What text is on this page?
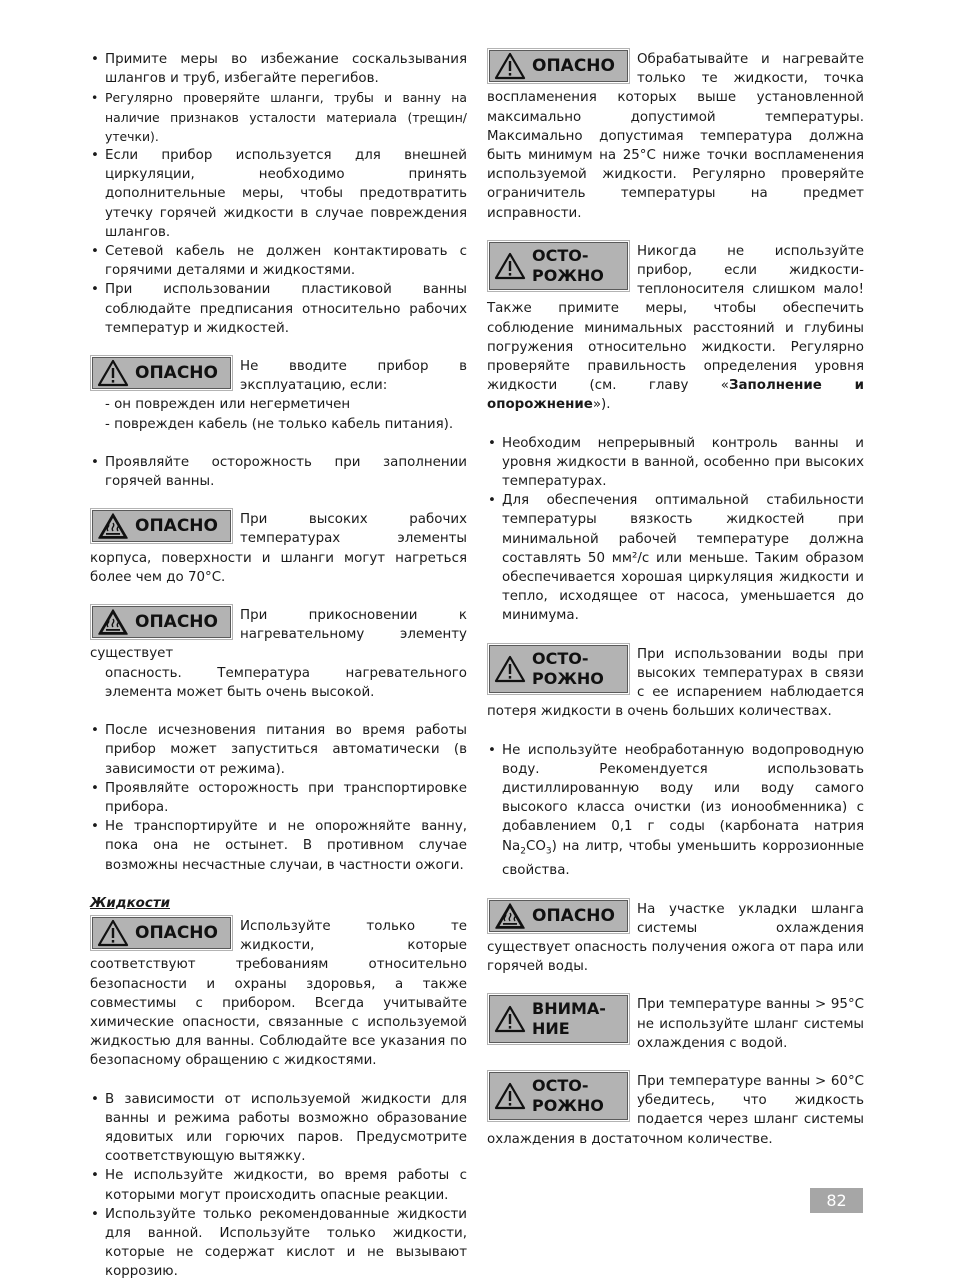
• Примите меры во избежание соскальзывания шлангов и труб, избегайте перегибов.
• Регулярно проверяйте шланги, трубы и ванну на наличие признаков усталости материала (трещин/утечки).
• Если прибор используется для внешней циркуляции, необходимо принять дополнительные меры, чтобы предотвратить утечку горячей жидкости в случае повреждения шлангов.
• Сетевой кабель не должен контактировать с горячими деталями и жидкостями.
• При использовании пластиковой ванны соблюдайте предписания относительно рабочих температур и жидкостей.
ОПАСНО	Не вводите прибор в эксплуатацию, если:
- он поврежден или негерметичен
- поврежден кабель (не только кабель питания).
• Проявляйте осторожность при заполнении горячей ванны.
ОПАСНО	При высоких рабочих температурах элементы корпуса, поверхности и шланги могут нагреться более чем до 70°C.
ОПАСНО	При прикосновении к нагревательному элементу существует
опасность. Температура нагревательного элемента может быть очень высокой.
• После исчезновения питания во время работы прибор может запуститься автоматически (в зависимости от режима).
• Проявляйте осторожность при транспортировке прибора.
• Не транспортируйте и не опорожняйте ванну, пока она не остынет. В противном случае возможны несчастные случаи, в частности ожоги.
Жидкости
ОПАСНО	Используйте только те жидкости, которые соответствуют требованиям относительно безопасности и охраны здоровья, а также совместимы с прибором. Всегда учитывайте химические опасности, связанные с используемой жидкостью для ванны. Соблюдайте все указания по безопасному обращению с жидкостями.
• В зависимости от используемой жидкости для ванны и режима работы возможно образование ядовитых или горючих паров. Предусмотрите соответствующую вытяжку.
• Не используйте жидкости, во время работы с которыми могут происходить опасные реакции.
• Используйте только рекомендованные жидкости для ванной. Используйте только жидкости, которые не содержат кислот и не вызывают коррозию.
ОПАСНО	Обрабатывайте и нагревайте только те жидкости, точка воспламенения которых выше установленной максимально допустимой температуры. Максимально допустимая температура должна быть минимум на 25°C ниже точки воспламенения используемой жидкости. Регулярно проверяйте ограничитель температуры на предмет исправности.
ОСТО-
РОЖНО
Никогда не используйте прибор, если жидкости-теплоносителя слишком мало! Также примите меры, чтобы обеспечить соблюдение минимальных расстояний и глубины погружения относительно жидкости. Регулярно проверяйте правильность определения уровня жидкости (см. главу «Заполнение и опорожнение»).
• Необходим непрерывный контроль ванны и уровня жидкости в ванной, особенно при высоких температурах.
• Для обеспечения оптимальной стабильности температуры вязкость жидкостей при минимальной рабочей температуре должна составлять 50 мм²/с или меньше. Таким образом обеспечивается хорошая циркуляция жидкости и тепло, исходящее от насоса, уменьшается до минимума.
ОСТО-
РОЖНО
При использовании воды при высоких температурах в связи с ее испарением наблюдается потеря жидкости в очень больших количествах.
• Не используйте необработанную водопроводную воду. Рекомендуется использовать дистиллированную воду или воду самого высокого класса очистки (из ионообменника) с добавлением 0,1 г соды (карбоната натрия $Na_2CO_3$) на литр, чтобы уменьшить коррозионные свойства.
ОПАСНО	На участке укладки шланга системы охлаждения существует опасность получения ожога от пара или горячей воды.
ВНИМА-
НИЕ
При температуре ванны > 95°C не используйте шланг системы охлаждения с водой.
ОСТО-
РОЖНО
При температуре ванны > 60°C убедитесь, что жидкость подается через шланг системы охлаждения в достаточном количестве.
82
